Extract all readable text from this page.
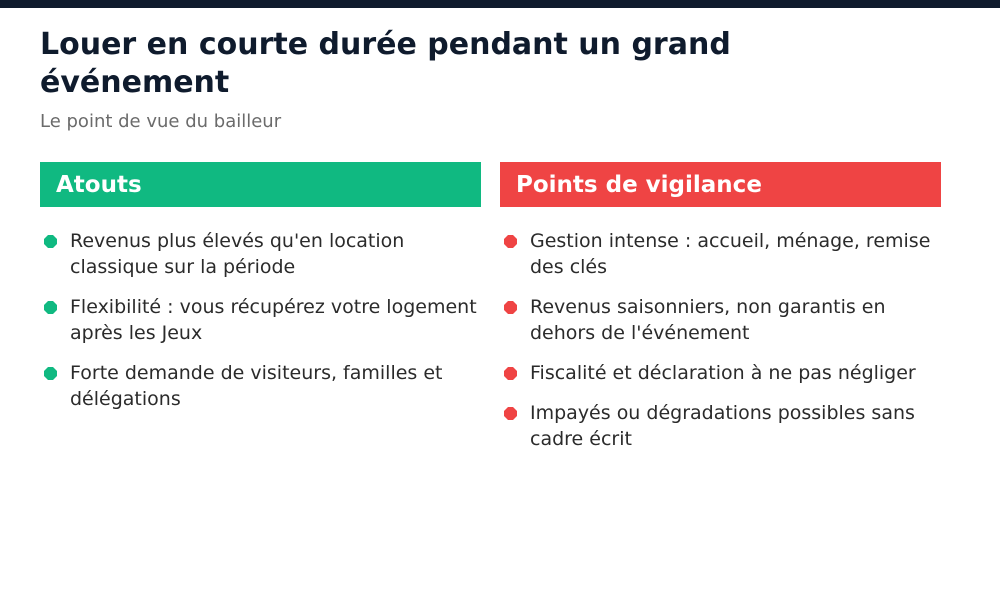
Louer en courte durée pendant un grand événement

Le point de vue du bailleur

Atouts
Revenus plus élevés qu'en location classique sur la période
Flexibilité : vous récupérez votre logement après les Jeux
Forte demande de visiteurs, familles et délégations
Points de vigilance
Gestion intense : accueil, ménage, remise des clés
Revenus saisonniers, non garantis en dehors de l'événement
Fiscalité et déclaration à ne pas négliger
Impayés ou dégradations possibles sans cadre écrit
